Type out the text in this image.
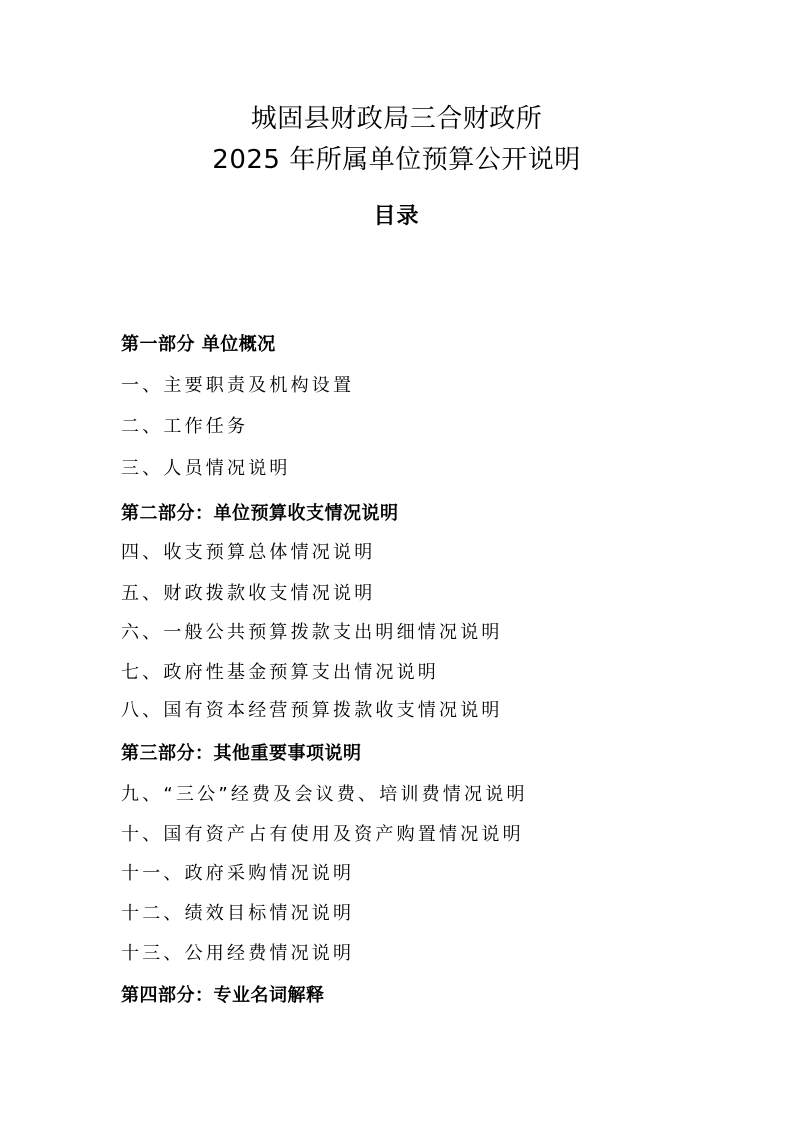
城固县财政局三合财政所
2025 年所属单位预算公开说明
目录
第一部分 单位概况
一、主要职责及机构设置
二、工作任务
三、人员情况说明
第二部分：单位预算收支情况说明
四、收支预算总体情况说明
五、财政拨款收支情况说明
六、一般公共预算拨款支出明细情况说明
七、政府性基金预算支出情况说明
八、国有资本经营预算拨款收支情况说明
第三部分：其他重要事项说明
九、“三公”经费及会议费、培训费情况说明
十、国有资产占有使用及资产购置情况说明
十一、政府采购情况说明
十二、绩效目标情况说明
十三、公用经费情况说明
第四部分：专业名词解释
